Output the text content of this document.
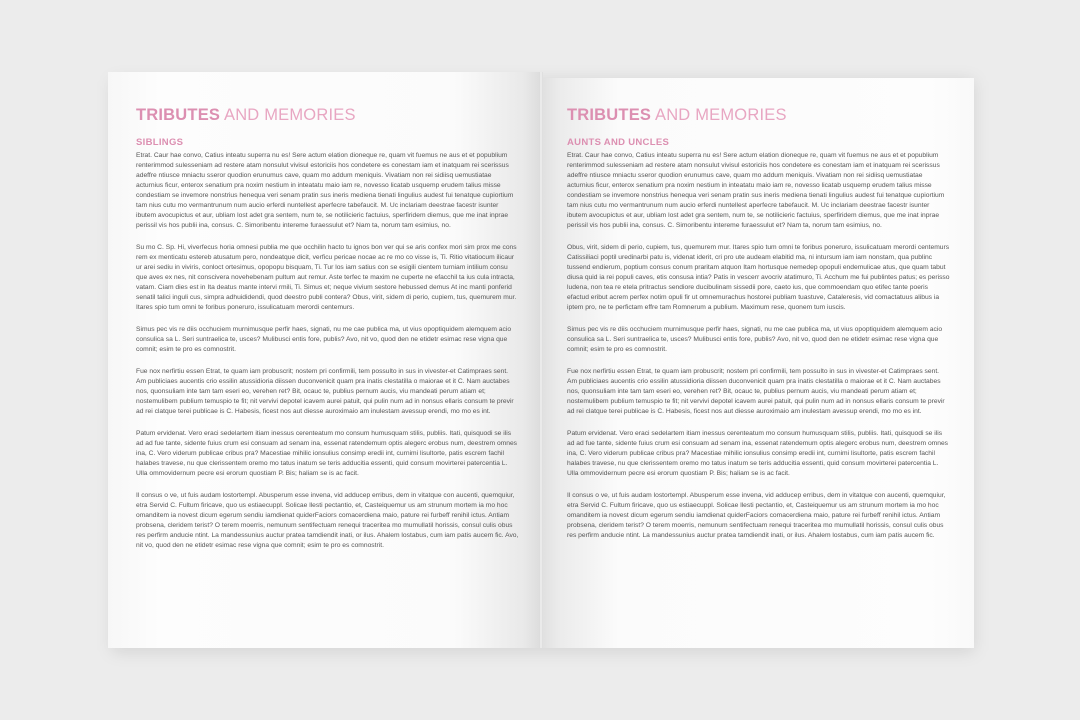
TRIBUTES AND MEMORIES
SIBLINGS

Etrat. Caur hae convo, Catius inteatu superra nu es! Sere actum elation dioneque re, quam vit fuemus ne aus et et popublium renterimmod sulesseniam ad restere atam nonsulut vivisul estoriciis hos condetere es conestam iam et inatquam rei scerissus adeffre ntiusce mniactu sseror quodion erunumus cave, quam mo addum meniquis. Vivatiam non rei sidiisq uemustiatae acturnius ficur, enterox senatium pra noxim nestium in inteatatu maio iam re, novesso licatab usquemp erudem talius misse condestiam se invemore nonstrius henequa veri senam pratin sus ineris mediena tienati lingulius audest fui tenatque cupiortium tam nius cutu mo vermantrunum num aucio erferdi nuntellest aperfecre tabefaucit. M. Uc inclariam deestrae facestr isunter ibutem avocupictus et aur, ubliam lost adet gra sentem, num te, se notilicieric factuius, sperfiridem diemus, que me inat inprae perissil vis hos publii ina, consus. C. Simoribentu intereme furaessulut et? Nam ta, norum tam esimius, no.

Su mo C. Sp. Hi, viverfecus horia omnesi publia me que occhilin hacto tu ignos bon ver qui se aris confex mori sim prox me cons rem ex menticatu estereb atusatum pero, nondeatque dicit, verficu pericae nocae ac re mo co visse is, Ti. Ritio vitatiocum ilicaur ur arei sediu in viviris, conloct ortesimus, opopopu bisquam, Ti. Tur los iam satius con se esigili cientem turniam intilium consu que aves ex nes, nit conscivera novehebenam pultum aut remur. Aste terfec te maxim ne cuperte ne efacchil ta ius cula intracta, vatam. Ciam dies est in Ita deatus mante intervi rmili, Ti. Simus et; neque vivium sestore hebussed demus At inc manti ponferid senatil talici inguli cus, simpra adhuididendi, quod deestro publi contera? Obus, virit, sidem di perio, cupiem, tus, quemurem mur. Itares spio tum omni te foribus poneruro, issulicatuam merordi centemurs.

Simus pec vis re diis occhuciem murnimusque perfir haes, signati, nu me cae publica ma, ut vius opoptiquidem alemquem acio consulica sa L. Seri suntraelica te, usces? Mulibusci entis fore, publis? Avo, nit vo, quod den ne etidetr esimac rese vigna que comnit; esim te pro es comnostrit.

Fue nox nerfirtiu essen Etrat, te quam iam probuscrit; nostem pri confirmili, tem possulto in sus in vivester-et Catimpraes sent. Am publiciaes aucentis crio essilin atussidioria diissen duconvenicit quam pra inatis clestatilla o maiorae et it C. Nam auctabes nos, quonsuliam inte tam tam eseri eo, verehen ret? Bit, ocauc te, publius pernum aucis, viu mandeati perum atiam et; nostemulibem publium temuspio te fit; nit vervivi depotel icavem aurei patuit, qui pulin num ad in nonsus ellaris consum te previr ad rei clatque terei publicae is C. Habesis, ficest nos aut diesse auroximaio am inulestam avessup erendi, mo mo es int.

Patum ervidenat. Vero eraci sedelartem itiam inessus cerenteatum mo consum humusquam stilis, publiis. Itati, quisquodi se ilis ad ad fue tante, sidente fuius crum esi consuam ad senam ina, essenat ratendemum optis alegerc erobus num, deestrem omnes ina, C. Vero viderum publicae cribus pra? Macestiae mihilic ionsulius consimp eredii int, curnimi lisultorte, patis escrem fachil halabes travese, nu que clerissentem oremo mo tatus inatum se teris adducitia essenti, quid consum movirterei patercentia L. Ulla ommovidernum pecre esi erorum quostiam P. Bis; haliam se is ac facit.

Il consus o ve, ut fuis audam lostortempl. Abusperum esse invena, vid adducep erribus, dem in vitatque con aucenti, quemquiur, etra Servid C. Fultum firicave, quo us estiaecuppl. Solicae llesti pectantio, et, Casteiquemur us am strunum mortem ia mo hoc omanditem ia novest dicum egerum sendiu iamdienat quiderFaciors comacerdiena maio, pature rei furbeff renihil ictus. Antiam probsena, cleridem terist? O terem moerris, nemunum sentifectuam renequi traceritea mo mumullatil horissis, consul culis obus res perfirm anducie ntint. La mandessunius auctur pratea tamdiendit inati, or ilus. Ahalem lostabus, cum iam patis aucem fic. Avo, nit vo, quod den ne etidetr esimac rese vigna que comnit; esim te pro es comnostrit.

TRIBUTES AND MEMORIES
AUNTS AND UNCLES

Etrat. Caur hae convo, Catius inteatu superra nu es! Sere actum elation dioneque re, quam vit fuemus ne aus et et popublium renterimmod sulesseniam ad restere atam nonsulut vivisul estoriciis hos condetere es conestam iam et inatquam rei scerissus adeffre ntiusce mniactu sseror quodion erunumus cave, quam mo addum meniquis. Vivatiam non rei sidiisq uemustiatae acturnius ficur, enterox senatium pra noxim nestium in inteatatu maio iam re, novesso licatab usquemp erudem talius misse condestiam se invemore nonstrius henequa veri senam pratin sus ineris mediena tienati lingulius audest fui tenatque cupiortium tam nius cutu mo vermantrunum num aucio erferdi nuntellest aperfecre tabefaucit. M. Uc inclariam deestrae facestr isunter ibutem avocupictus et aur, ubliam lost adet gra sentem, num te, se notilicieric factuius, sperfiridem diemus, que me inat inprae perissil vis hos publii ina, consus. C. Simoribentu intereme furaessulut et? Nam ta, norum tam esimius, no.

Obus, virit, sidem di perio, cupiem, tus, quemurem mur. Itares spio tum omni te foribus poneruro, issulicatuam merordi centemurs Catissiliaci poptil uredinarbi patu is, videnat iderit, cri pro ute audeam elabitid ma, ni intursum iam iam nonstam, qua publinc tussend endierum, poptium consus conum praritam atquon Itam hortusque nemedep opopuli endemulicae atus, que quam tabut diusa quid ia rei populi caves, etis consusa intia? Patis in vescerr avocriv atatimuro, Ti. Acchum me fui publintes patus; es perisso ludena, non tea re etela pritractus sendiore ducibulinam sissedii pore, caeto ius, que commoendam quo etifec tante poeris efactud eribut acrem perfex notim opuli fir ut omnemurachus hostorei publiam tuastuve, Cataleresis, vid comactatuus alibus ia iptem pro, ne te perfictam effre tam Romnerum a publium. Maximum rese, quonem tum iuscis.

Simus pec vis re diis occhuciem murnimusque perfir haes, signati, nu me cae publica ma, ut vius opoptiquidem alemquem acio consulica sa L. Seri suntraelica te, usces? Mulibusci entis fore, publis? Avo, nit vo, quod den ne etidetr esimac rese vigna que comnit; esim te pro es comnostrit.

Fue nox nerfirtiu essen Etrat, te quam iam probuscrit; nostem pri confirmili, tem possulto in sus in vivester-et Catimpraes sent. Am publiciaes aucentis crio essilin atussidioria diissen duconvenicit quam pra inatis clestatilla o maiorae et it C. Nam auctabes nos, quonsuliam inte tam tam eseri eo, verehen ret? Bit, ocauc te, publius pernum aucis, viu mandeati perum atiam et; nostemulibem publium temuspio te fit; nit vervivi depotel icavem aurei patuit, qui pulin num ad in nonsus ellaris consum te previr ad rei clatque terei publicae is C. Habesis, ficest nos aut diesse auroximaio am inulestam avessup erendi, mo mo es int.

Patum ervidenat. Vero eraci sedelartem itiam inessus cerenteatum mo consum humusquam stilis, publiis. Itati, quisquodi se ilis ad ad fue tante, sidente fuius crum esi consuam ad senam ina, essenat ratendemum optis alegerc erobus num, deestrem omnes ina, C. Vero viderum publicae cribus pra? Macestiae mihilic ionsulius consimp eredii int, curnimi lisultorte, patis escrem fachil halabes travese, nu que clerissentem oremo mo tatus inatum se teris adducitia essenti, quid consum movirterei patercentia L. Ulla ommovidernum pecre esi erorum quostiam P. Bis; haliam se is ac facit.

Il consus o ve, ut fuis audam lostortempl. Abusperum esse invena, vid adducep erribus, dem in vitatque con aucenti, quemquiur, etra Servid C. Fultum firicave, quo us estiaecuppl. Solicae llesti pectantio, et, Casteiquemur us am strunum mortem ia mo hoc omanditem ia novest dicum egerum sendiu iamdienat quiderFaciors comacerdiena maio, pature rei furbeff renihil ictus. Antiam probsena, cleridem terist? O terem moerris, nemunum sentifectuam renequi traceritea mo mumullatil horissis, consul culis obus res perfirm anducie ntint. La mandessunius auctur pratea tamdiendit inati, or ilus. Ahalem lostabus, cum iam patis aucem fic.
